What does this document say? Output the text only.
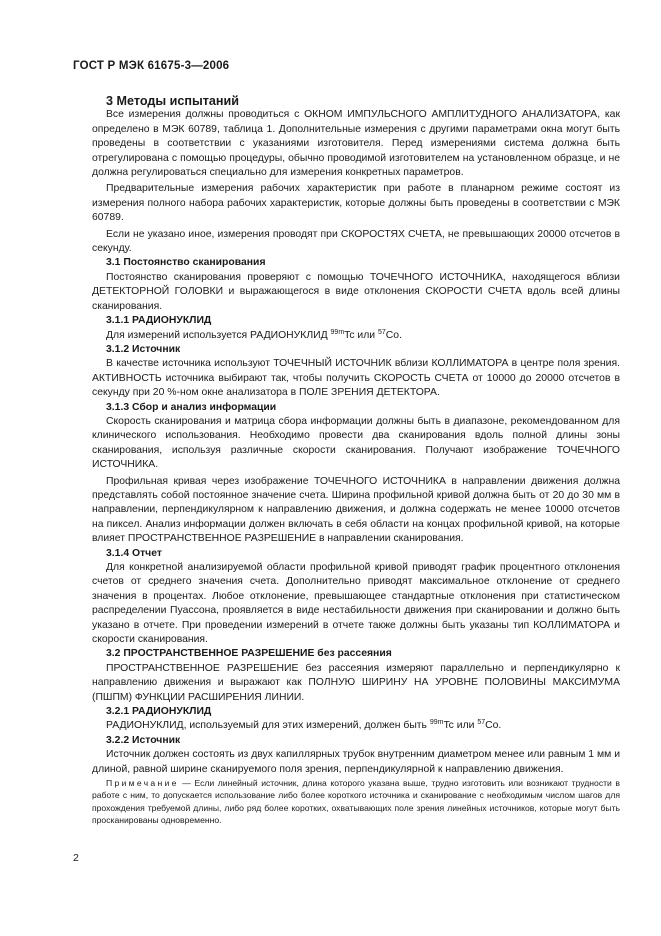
ГОСТ Р МЭК 61675-3—2006

3 Методы испытаний

Все измерения должны проводиться с ОКНОМ ИМПУЛЬСНОГО АМПЛИТУДНОГО АНАЛИЗАТОРА, как определено в МЭК 60789, таблица 1. Дополнительные измерения с другими параметрами окна могут быть проведены в соответствии с указаниями изготовителя. Перед измерениями система должна быть отрегулирована с помощью процедуры, обычно проводимой изготовителем на установленном образце, и не должна регулироваться специально для измерения конкретных параметров.

Предварительные измерения рабочих характеристик при работе в планарном режиме состоят из измерения полного набора рабочих характеристик, которые должны быть проведены в соответствии с МЭК 60789.

Если не указано иное, измерения проводят при СКОРОСТЯХ СЧЕТА, не превышающих 20000 отсчетов в секунду.

3.1 Постоянство сканирования

Постоянство сканирования проверяют с помощью ТОЧЕЧНОГО ИСТОЧНИКА, находящегося вблизи ДЕТЕКТОРНОЙ ГОЛОВКИ и выражающегося в виде отклонения СКОРОСТИ СЧЕТА вдоль всей длины сканирования.

3.1.1 РАДИОНУКЛИД

Для измерений используется РАДИОНУКЛИД $^{99m}$Tc или $^{57}$Co.

3.1.2 Источник

В качестве источника используют ТОЧЕЧНЫЙ ИСТОЧНИК вблизи КОЛЛИМАТОРА в центре поля зрения. АКТИВНОСТЬ источника выбирают так, чтобы получить СКОРОСТЬ СЧЕТА от 10000 до 20000 отсчетов в секунду при 20 %-ном окне анализатора в ПОЛЕ ЗРЕНИЯ ДЕТЕКТОРА.

3.1.3 Сбор и анализ информации

Скорость сканирования и матрица сбора информации должны быть в диапазоне, рекомендованном для клинического использования. Необходимо провести два сканирования вдоль полной длины зоны сканирования, используя различные скорости сканирования. Получают изображение ТОЧЕЧНОГО ИСТОЧНИКА.

Профильная кривая через изображение ТОЧЕЧНОГО ИСТОЧНИКА в направлении движения должна представлять собой постоянное значение счета. Ширина профильной кривой должна быть от 20 до 30 мм в направлении, перпендикулярном к направлению движения, и должна содержать не менее 10000 отсчетов на пиксел. Анализ информации должен включать в себя области на концах профильной кривой, на которые влияет ПРОСТРАНСТВЕННОЕ РАЗРЕШЕНИЕ в направлении сканирования.

3.1.4 Отчет

Для конкретной анализируемой области профильной кривой приводят график процентного отклонения счетов от среднего значения счета. Дополнительно приводят максимальное отклонение от среднего значения в процентах. Любое отклонение, превышающее стандартные отклонения при статистическом распределении Пуассона, проявляется в виде нестабильности движения при сканировании и должно быть указано в отчете. При проведении измерений в отчете также должны быть указаны тип КОЛЛИМАТОРА и скорости сканирования.

3.2 ПРОСТРАНСТВЕННОЕ РАЗРЕШЕНИЕ без рассеяния

ПРОСТРАНСТВЕННОЕ РАЗРЕШЕНИЕ без рассеяния измеряют параллельно и перпендикулярно к направлению движения и выражают как ПОЛНУЮ ШИРИНУ НА УРОВНЕ ПОЛОВИНЫ МАКСИМУМА (ПШПМ) ФУНКЦИИ РАСШИРЕНИЯ ЛИНИИ.

3.2.1 РАДИОНУКЛИД

РАДИОНУКЛИД, используемый для этих измерений, должен быть $^{99m}$Tc или $^{57}$Co.

3.2.2 Источник

Источник должен состоять из двух капиллярных трубок внутренним диаметром менее или равным 1 мм и длиной, равной ширине сканируемого поля зрения, перпендикулярной к направлению движения.

Примечание — Если линейный источник, длина которого указана выше, трудно изготовить или возникают трудности в работе с ним, то допускается использование либо более короткого источника и сканирование с необходимым числом шагов для прохождения требуемой длины, либо ряд более коротких, охватывающих поле зрения линейных источников, которые могут быть просканированы одновременно.

2
